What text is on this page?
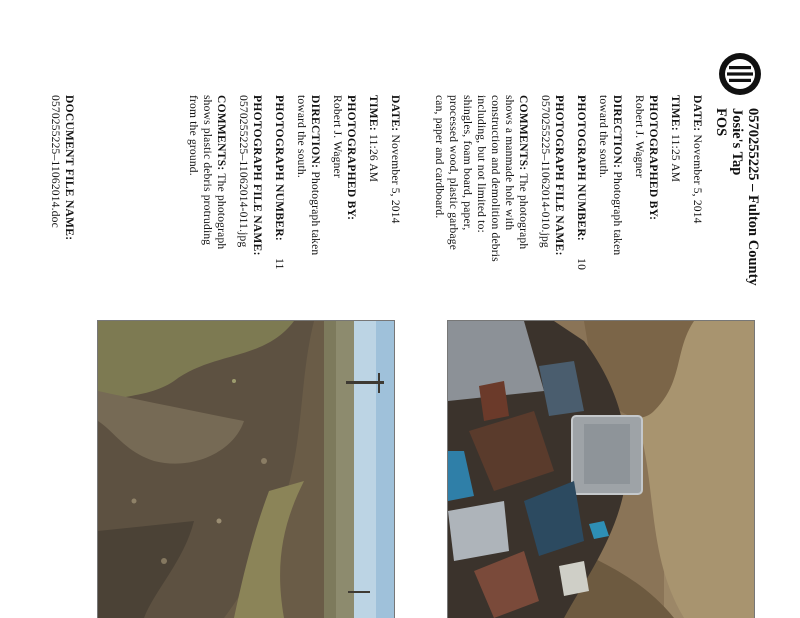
0570255225 – Fulton County
Josie's Tap
FOS
DATE: November 5, 2014
TIME: 11:25 AM
PHOTOGRAPHED BY:
Robert J. Wagner
DIRECTION: Photograph taken
toward the south.
PHOTOGRAPH NUMBER: 10
PHOTOGRAPH FILE NAME:
0570255225–11062014-010.jpg
COMMENTS: The photograph
shows a manmade hole with
construction and demolition debris
including, but not limited to:
shingles, foam board, paper,
processed wood, plastic garbage
can, paper and cardboard.
DATE: November 5, 2014
TIME: 11:26 AM
PHOTOGRAPHED BY:
Robert J. Wagner
DIRECTION: Photograph taken
toward the south.
PHOTOGRAPH NUMBER: 11
PHOTOGRAPH FILE NAME:
0570255225–11062014-011.jpg
COMMENTS: The photograph
shows plastic debris protruding
from the ground.
DOCUMENT FILE NAME:
0570255225–11062014.doc
